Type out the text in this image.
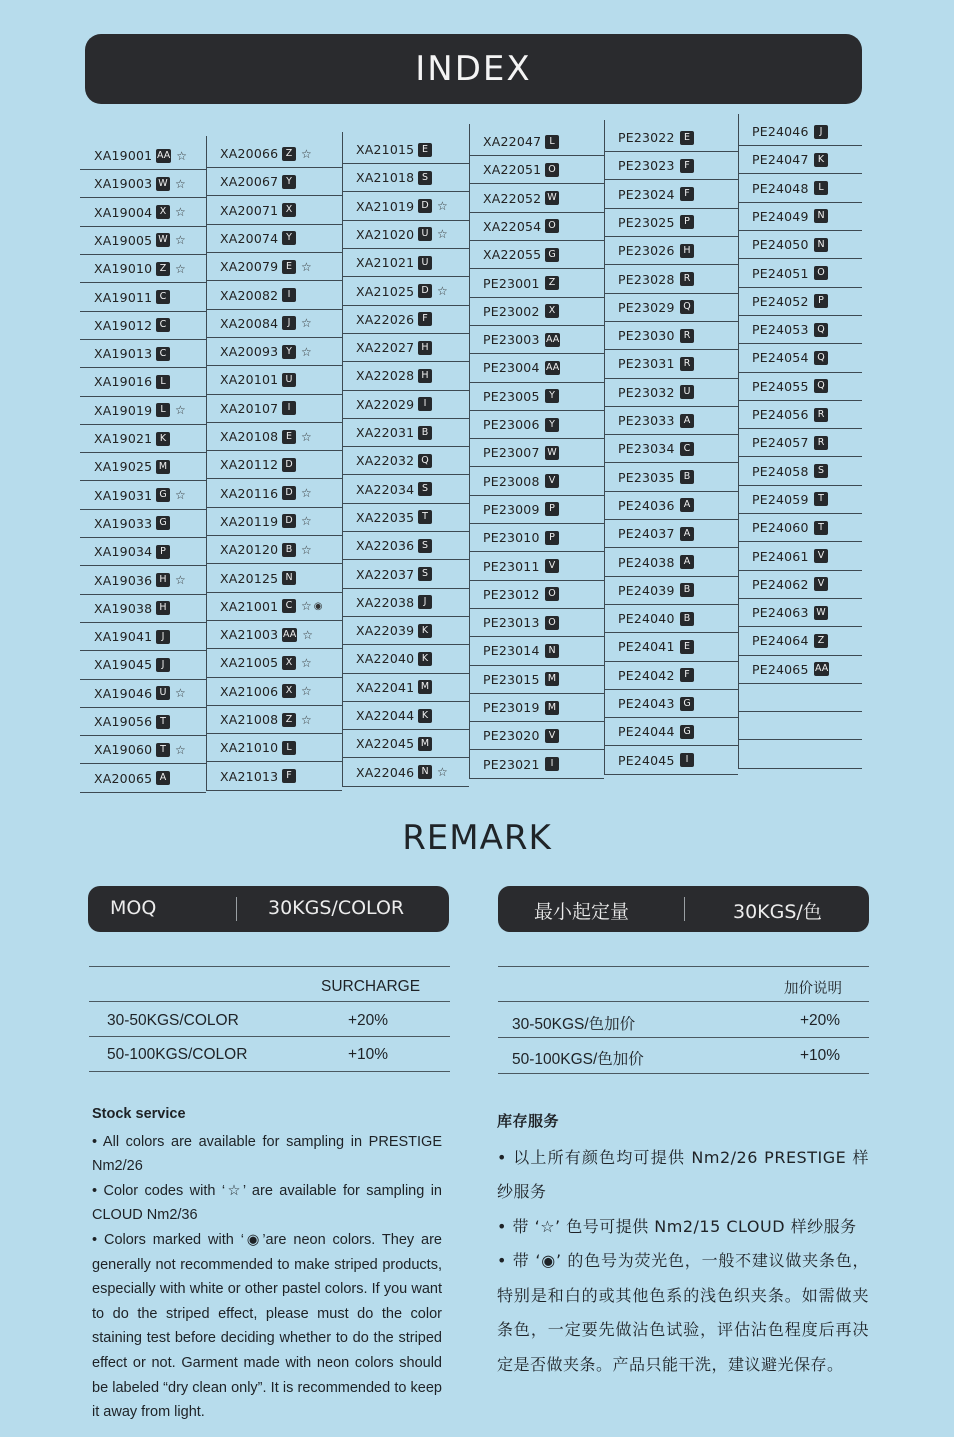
INDEX
XA19001 AA ☆
XA19003 W ☆
XA19004 X ☆
XA19005 W ☆
XA19010 Z ☆
XA19011 C
XA19012 C
XA19013 C
XA19016 L
XA19019 L ☆
XA19021 K
XA19025 M
XA19031 G ☆
XA19033 G
XA19034 P
XA19036 H ☆
XA19038 H
XA19041 J
XA19045 J
XA19046 U ☆
XA19056 T
XA19060 T ☆
XA20065 A
XA20066 Z ☆
XA20067 Y
XA20071 X
XA20074 Y
XA20079 E ☆
XA20082 I
XA20084 J ☆
XA20093 Y ☆
XA20101 U
XA20107 I
XA20108 E ☆
XA20112 D
XA20116 D ☆
XA20119 D ☆
XA20120 B ☆
XA20125 N
XA21001 C ☆ ◉
XA21003 AA ☆
XA21005 X ☆
XA21006 X ☆
XA21008 Z ☆
XA21010 L
XA21013 F
XA21015 E
XA21018 S
XA21019 D ☆
XA21020 U ☆
XA21021 U
XA21025 D ☆
XA22026 F
XA22027 H
XA22028 H
XA22029 I
XA22031 B
XA22032 Q
XA22034 S
XA22035 T
XA22036 S
XA22037 S
XA22038 J
XA22039 K
XA22040 K
XA22041 M
XA22044 K
XA22045 M
XA22046 N ☆
XA22047 L
XA22051 O
XA22052 W
XA22054 O
XA22055 G
PE23001 Z
PE23002 X
PE23003 AA
PE23004 AA
PE23005 Y
PE23006 Y
PE23007 W
PE23008 V
PE23009	P
PE23010	P
PE23011 V
PE23012 O
PE23013 O
PE23014 N
PE23015 M
PE23019 M
PE23020 V
PE23021	I
PE23022 E
PE23023	F
PE23024	F
PE23025	P
PE23026 H
PE23028 R
PE23029 Q
PE23030 R
PE23031 R
PE23032 U
PE23033 A
PE23034 C
PE23035 B
PE24036 A
PE24037 A
PE24038 A
PE24039 B
PE24040 B
PE24041 E
PE24042	F
PE24043 G
PE24044 G
PE24045	I
PE24046	J
PE24047 K
PE24048	L
PE24049 N
PE24050 N
PE24051 O
PE24052	P
PE24053 Q
PE24054 Q
PE24055 Q
PE24056 R
PE24057 R
PE24058 S
PE24059 T
PE24060 T
PE24061 V
PE24062 V
PE24063 W
PE24064 Z
PE24065 AA
REMARK
MOQ	30KGS/COLOR	最小起定量	30KGS/色
SURCHARGE
30-50KGS/COLOR	+20%
50-100KGS/COLOR	+10%
加价说明
30-50KGS/色加价	+20%
50-100KGS/色加价	+10%
Stock service

• All colors are available for sampling in PRESTIGE Nm2/26

• Color codes with ‘☆’ are available for sampling in CLOUD Nm2/36

• Colors marked with ‘◉’are neon colors. They are generally not recommended to make striped products, especially with white or other pastel colors. If you want to do the striped effect, please must do the color staining test before deciding whether to do the striped effect or not. Garment made with neon colors should be labeled “dry clean only”. It is recommended to keep it away from light.

库存服务

• 以上所有颜色均可提供 Nm2/26 PRESTIGE 样纱服务

• 带 ‘☆’ 色号可提供 Nm2/15 CLOUD 样纱服务

• 带 ‘◉’ 的色号为荧光色，一般不建议做夹条色，特别是和白的或其他色系的浅色织夹条。如需做夹条色，一定要先做沾色试验，评估沾色程度后再决定是否做夹条。产品只能干洗，建议避光保存。
